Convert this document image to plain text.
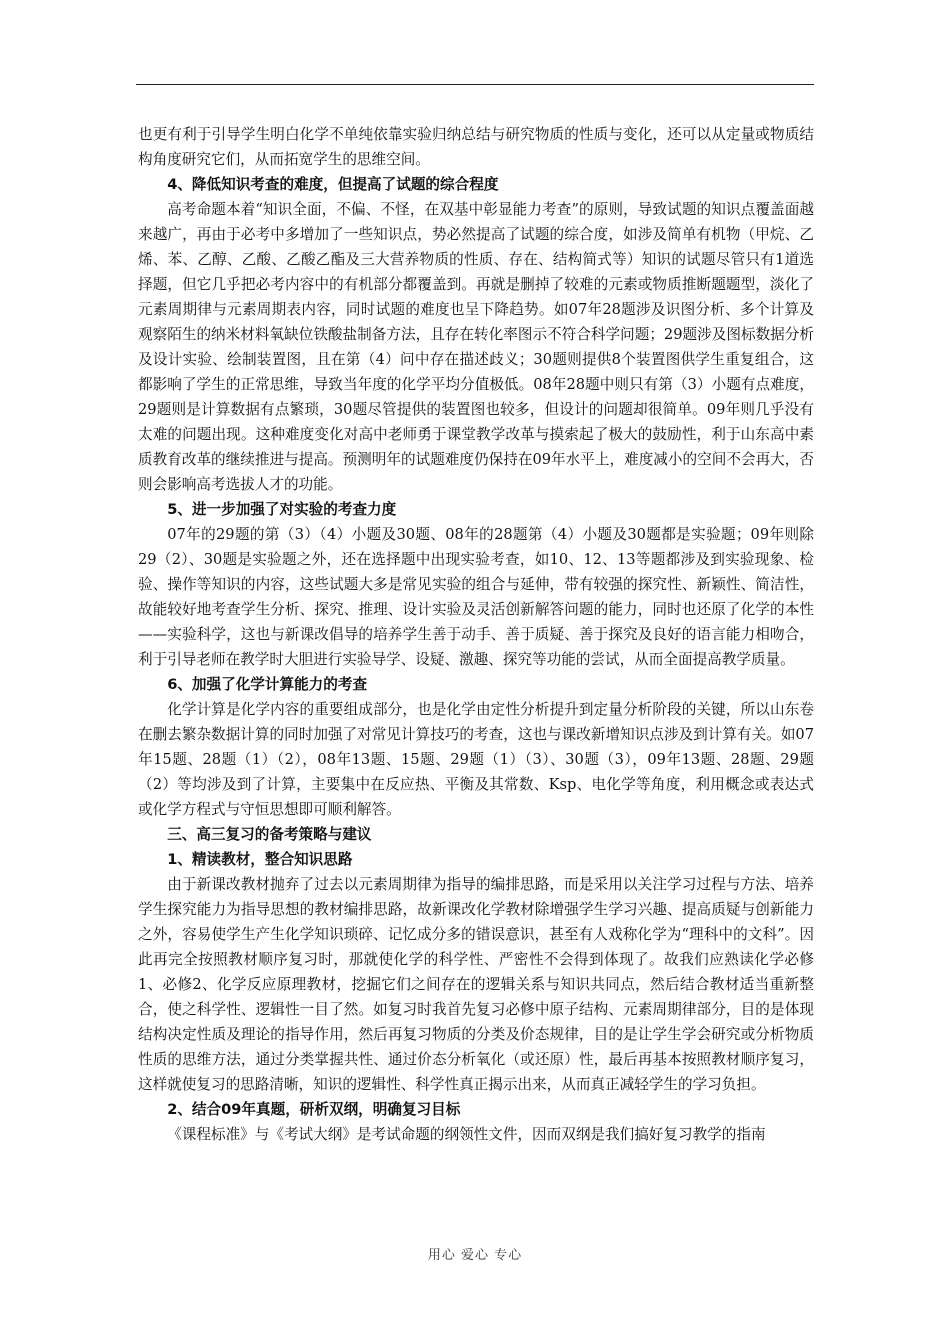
也更有利于引导学生明白化学不单纯依靠实验归纳总结与研究物质的性质与变化，还可以从定量或物质结构角度研究它们，从而拓宽学生的思维空间。

4、降低知识考查的难度，但提高了试题的综合程度

高考命题本着“知识全面，不偏、不怪，在双基中彰显能力考查”的原则，导致试题的知识点覆盖面越来越广，再由于必考中多增加了一些知识点，势必然提高了试题的综合度，如涉及简单有机物（甲烷、乙烯、苯、乙醇、乙酸、乙酸乙酯及三大营养物质的性质、存在、结构简式等）知识的试题尽管只有1道选择题，但它几乎把必考内容中的有机部分都覆盖到。再就是删掉了较难的元素或物质推断题题型，淡化了元素周期律与元素周期表内容，同时试题的难度也呈下降趋势。如07年28题涉及识图分析、多个计算及观察陌生的纳米材料氧缺位铁酸盐制备方法，且存在转化率图示不符合科学问题；29题涉及图标数据分析及设计实验、绘制装置图，且在第（4）问中存在描述歧义；30题则提供8个装置图供学生重复组合，这都影响了学生的正常思维，导致当年度的化学平均分值极低。08年28题中则只有第（3）小题有点难度，29题则是计算数据有点繁琐，30题尽管提供的装置图也较多，但设计的问题却很简单。09年则几乎没有太难的问题出现。这种难度变化对高中老师勇于课堂教学改革与摸索起了极大的鼓励性，利于山东高中素质教育改革的继续推进与提高。预测明年的试题难度仍保持在09年水平上，难度减小的空间不会再大，否则会影响高考选拔人才的功能。

5、进一步加强了对实验的考查力度

07年的29题的第（3）（4）小题及30题、08年的28题第（4）小题及30题都是实验题；09年则除29（2）、30题是实验题之外，还在选择题中出现实验考查，如10、12、13等题都涉及到实验现象、检验、操作等知识的内容，这些试题大多是常见实验的组合与延伸，带有较强的探究性、新颖性、简洁性，故能较好地考查学生分析、探究、推理、设计实验及灵活创新解答问题的能力，同时也还原了化学的本性——实验科学，这也与新课改倡导的培养学生善于动手、善于质疑、善于探究及良好的语言能力相吻合，利于引导老师在教学时大胆进行实验导学、设疑、激趣、探究等功能的尝试，从而全面提高教学质量。

6、加强了化学计算能力的考查

化学计算是化学内容的重要组成部分，也是化学由定性分析提升到定量分析阶段的关键，所以山东卷在删去繁杂数据计算的同时加强了对常见计算技巧的考查，这也与课改新增知识点涉及到计算有关。如07年15题、28题（1）（2），08年13题、15题、29题（1）（3）、30题（3），09年13题、28题、29题（2）等均涉及到了计算，主要集中在反应热、平衡及其常数、Ksp、电化学等角度，利用概念或表达式或化学方程式与守恒思想即可顺利解答。

三、高三复习的备考策略与建议
1、精读教材，整合知识思路

由于新课改教材抛弃了过去以元素周期律为指导的编排思路，而是采用以关注学习过程与方法、培养学生探究能力为指导思想的教材编排思路，故新课改化学教材除增强学生学习兴趣、提高质疑与创新能力之外，容易使学生产生化学知识琐碎、记忆成分多的错误意识，甚至有人戏称化学为“理科中的文科”。因此再完全按照教材顺序复习时，那就使化学的科学性、严密性不会得到体现了。故我们应熟读化学必修1、必修2、化学反应原理教材，挖掘它们之间存在的逻辑关系与知识共同点，然后结合教材适当重新整合，使之科学性、逻辑性一目了然。如复习时我首先复习必修中原子结构、元素周期律部分，目的是体现结构决定性质及理论的指导作用，然后再复习物质的分类及价态规律，目的是让学生学会研究或分析物质性质的思维方法，通过分类掌握共性、通过价态分析氧化（或还原）性，最后再基本按照教材顺序复习，这样就使复习的思路清晰，知识的逻辑性、科学性真正揭示出来，从而真正减轻学生的学习负担。

2、结合09年真题，研析双纲，明确复习目标

《课程标准》与《考试大纲》是考试命题的纲领性文件，因而双纲是我们搞好复习教学的指南

用心 爱心 专心
